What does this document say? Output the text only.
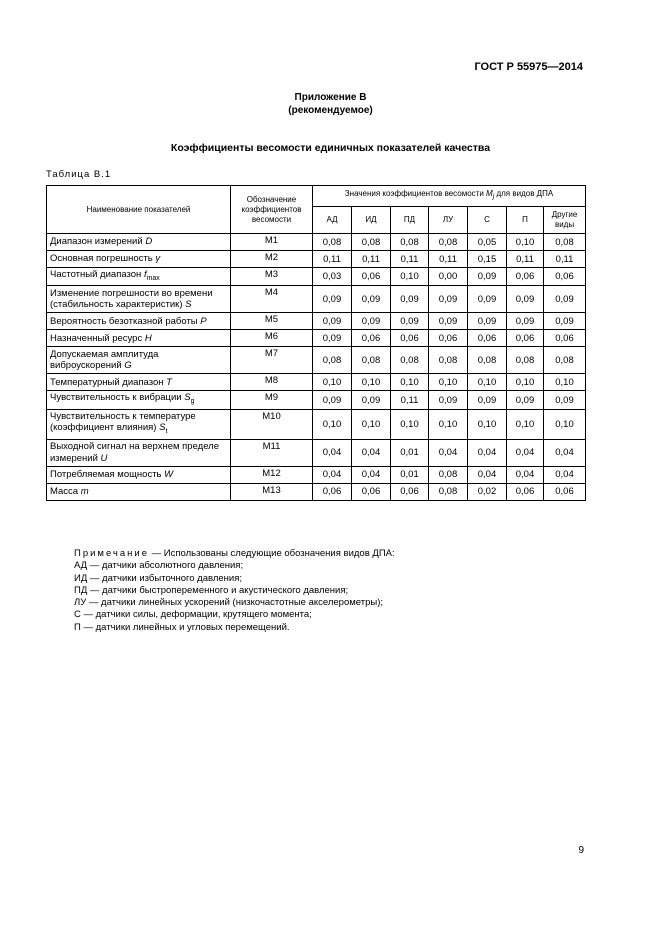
ГОСТ Р 55975—2014
Приложение В
(рекомендуемое)
Коэффициенты весомости единичных показателей качества
Таблица В.1
Наименование показателей	Обозначение коэффициентов весомости	Значения коэффициентов весомости $M_j$ для видов ДПА						
		АД	ИД	ПД	ЛУ	С	П	Другие виды
Диапазон измерений D	M1	0,08	0,08	0,08	0,08	0,05	0,10	0,08
Основная погрешность γ	M2	0,11	0,11	0,11	0,11	0,15	0,11	0,11
Частотный диапазон $f_{max}$	M3	0,03	0,06	0,10	0,00	0,09	0,06	0,06
Изменение погрешности во времени (стабильность характеристик) S	M4	0,09	0,09	0,09	0,09	0,09	0,09	0,09
Вероятность безотказной работы P	M5	0,09	0,09	0,09	0,09	0,09	0,09	0,09
Назначенный ресурс H	M6	0,09	0,06	0,06	0,06	0,06	0,06	0,06
Допускаемая амплитуда виброускорений G	M7	0,08	0,08	0,08	0,08	0,08	0,08	0,08
Температурный диапазон T	M8	0,10	0,10	0,10	0,10	0,10	0,10	0,10
Чувствительность к вибрации $S_g$	M9	0,09	0,09	0,11	0,09	0,09	0,09	0,09
Чувствительность к температуре (коэффициент влияния) $S_t$	M10	0,10	0,10	0,10	0,10	0,10	0,10	0,10
Выходной сигнал на верхнем пределе измерений U	M11	0,04	0,04	0,01	0,04	0,04	0,04	0,04
Потребляемая мощность W	M12	0,04	0,04	0,01	0,08	0,04	0,04	0,04
Масса m	M13	0,06	0,06	0,06	0,08	0,02	0,06	0,06
Примечание — Использованы следующие обозначения видов ДПА:
АД — датчики абсолютного давления;
ИД — датчики избыточного давления;
ПД — датчики быстропеременного и акустического давления;
ЛУ — датчики линейных ускорений (низкочастотные акселерометры);
С — датчики силы, деформации, крутящего момента;
П — датчики линейных и угловых перемещений.
9
